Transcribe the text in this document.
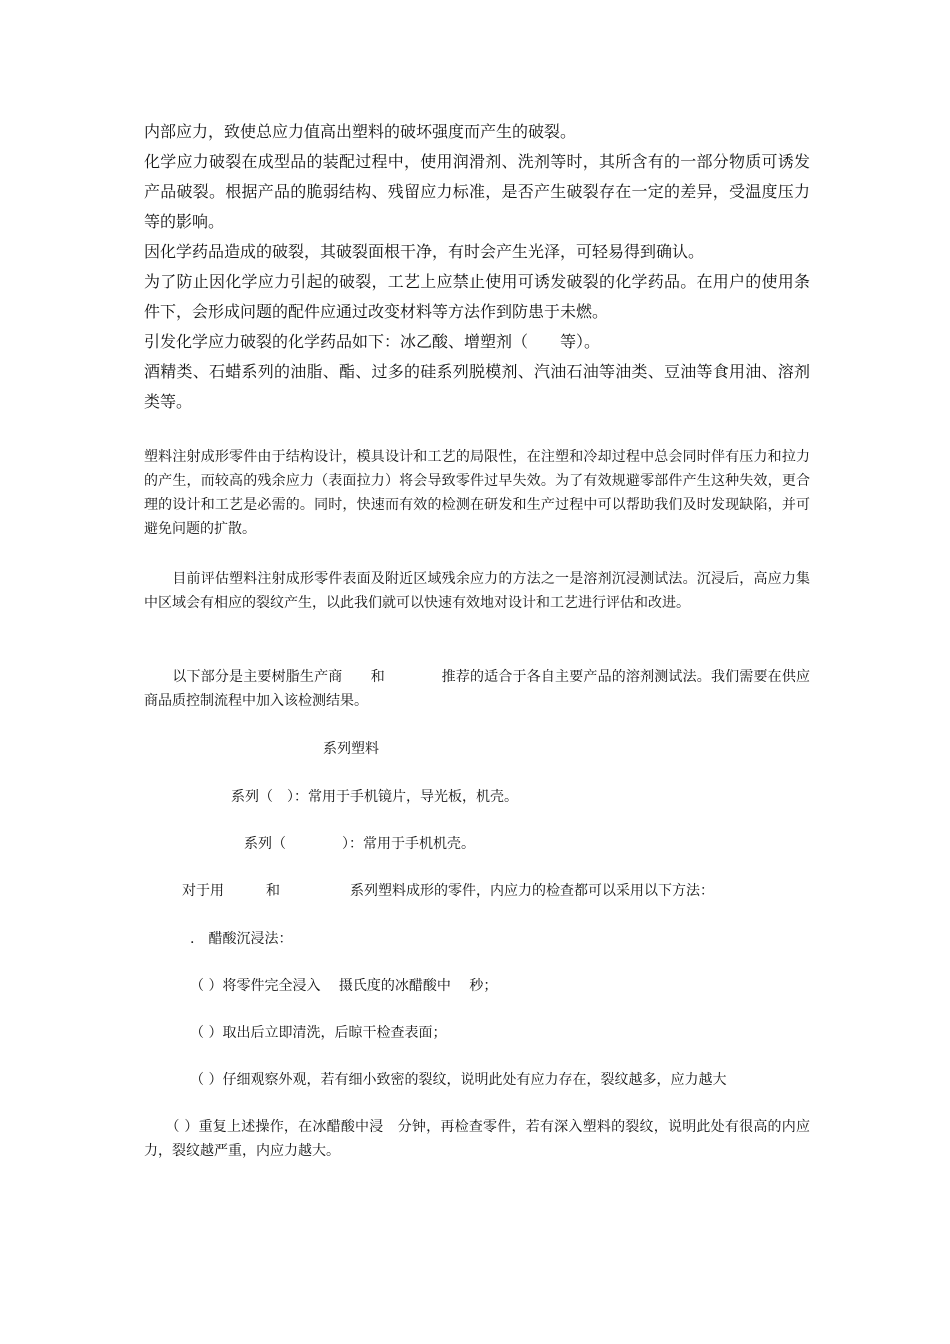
内部应力，致使总应力值高出塑料的破坏强度而产生的破裂。

化学应力破裂在成型品的装配过程中，使用润滑剂、洗剂等时，其所含有的一部分物质可诱发产品破裂。根据产品的脆弱结构、残留应力标准，是否产生破裂存在一定的差异，受温度压力等的影响。

因化学药品造成的破裂，其破裂面根干净，有时会产生光泽，可轻易得到确认。

为了防止因化学应力引起的破裂，工艺上应禁止使用可诱发破裂的化学药品。在用户的使用条件下，会形成问题的配件应通过改变材料等方法作到防患于未燃。

引发化学应力破裂的化学药品如下：冰乙酸、增塑剂（　　等）。

酒精类、石蜡系列的油脂、酯、过多的硅系列脱模剂、汽油石油等油类、豆油等食用油、溶剂类等。

塑料注射成形零件由于结构设计，模具设计和工艺的局限性，在注塑和冷却过程中总会同时伴有压力和拉力的产生，而较高的残余应力（表面拉力）将会导致零件过早失效。为了有效规避零部件产生这种失效，更合理的设计和工艺是必需的。同时，快速而有效的检测在研发和生产过程中可以帮助我们及时发现缺陷，并可避免问题的扩散。

　　目前评估塑料注射成形零件表面及附近区域残余应力的方法之一是溶剂沉浸测试法。沉浸后，高应力集中区域会有相应的裂纹产生，以此我们就可以快速有效地对设计和工艺进行评估和改进。

　　以下部分是主要树脂生产商　　和　　　　推荐的适合于各自主要产品的溶剂测试法。我们需要在供应商品质控制流程中加入该检测结果。

系列塑料

系列（　）：常用于手机镜片，导光板，机壳。

系列（　　　　）：常用于手机机壳。

对于用　　　和　　　　　系列塑料成形的零件，内应力的检查都可以采用以下方法：

.　醋酸沉浸法：

（ ）将零件完全浸入　 摄氏度的冰醋酸中　 秒；

（ ）取出后立即清洗，后晾干检查表面；

（ ）仔细观察外观，若有细小致密的裂纹，说明此处有应力存在，裂纹越多，应力越大

　　（ ）重复上述操作，在冰醋酸中浸　分钟，再检查零件，若有深入塑料的裂纹，说明此处有很高的内应力，裂纹越严重，内应力越大。
